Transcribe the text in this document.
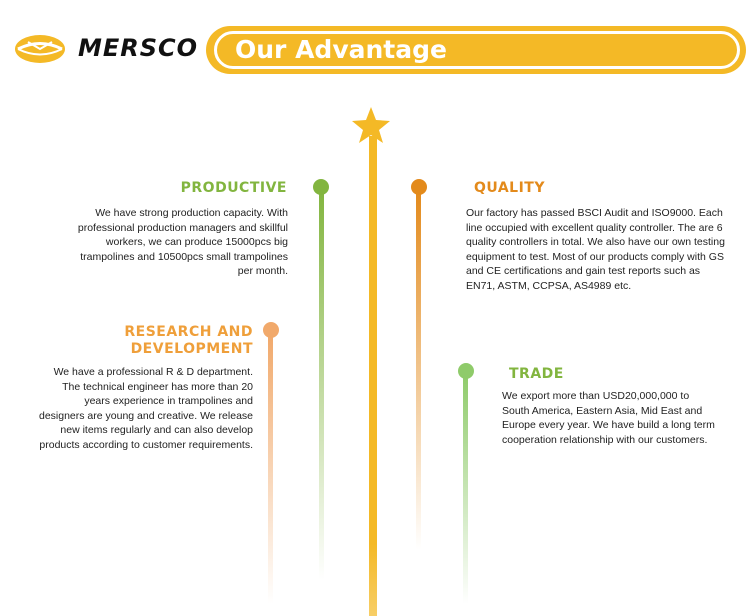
MERSCO Our Advantage
PRODUCTIVE
We have strong production capacity. With professional production managers and skillful workers, we can produce 15000pcs big trampolines and 10500pcs small trampolines per month.
QUALITY
Our factory has passed BSCI Audit and ISO9000. Each line occupied with excellent quality controller. The are 6 quality controllers in total. We also have our own testing equipment to test. Most of our products comply with GS and CE certifications and gain test reports such as EN71, ASTM, CCPSA, AS4989 etc.
RESEARCH AND
DEVELOPMENT
We have a professional R & D department. The technical engineer has more than 20 years experience in trampolines and designers are young and creative. We release new items regularly and can also develop products according to customer requirements.
TRADE
We export more than USD20,000,000 to South America, Eastern Asia, Mid East and Europe every year. We have build a long term cooperation relationship with our customers.
